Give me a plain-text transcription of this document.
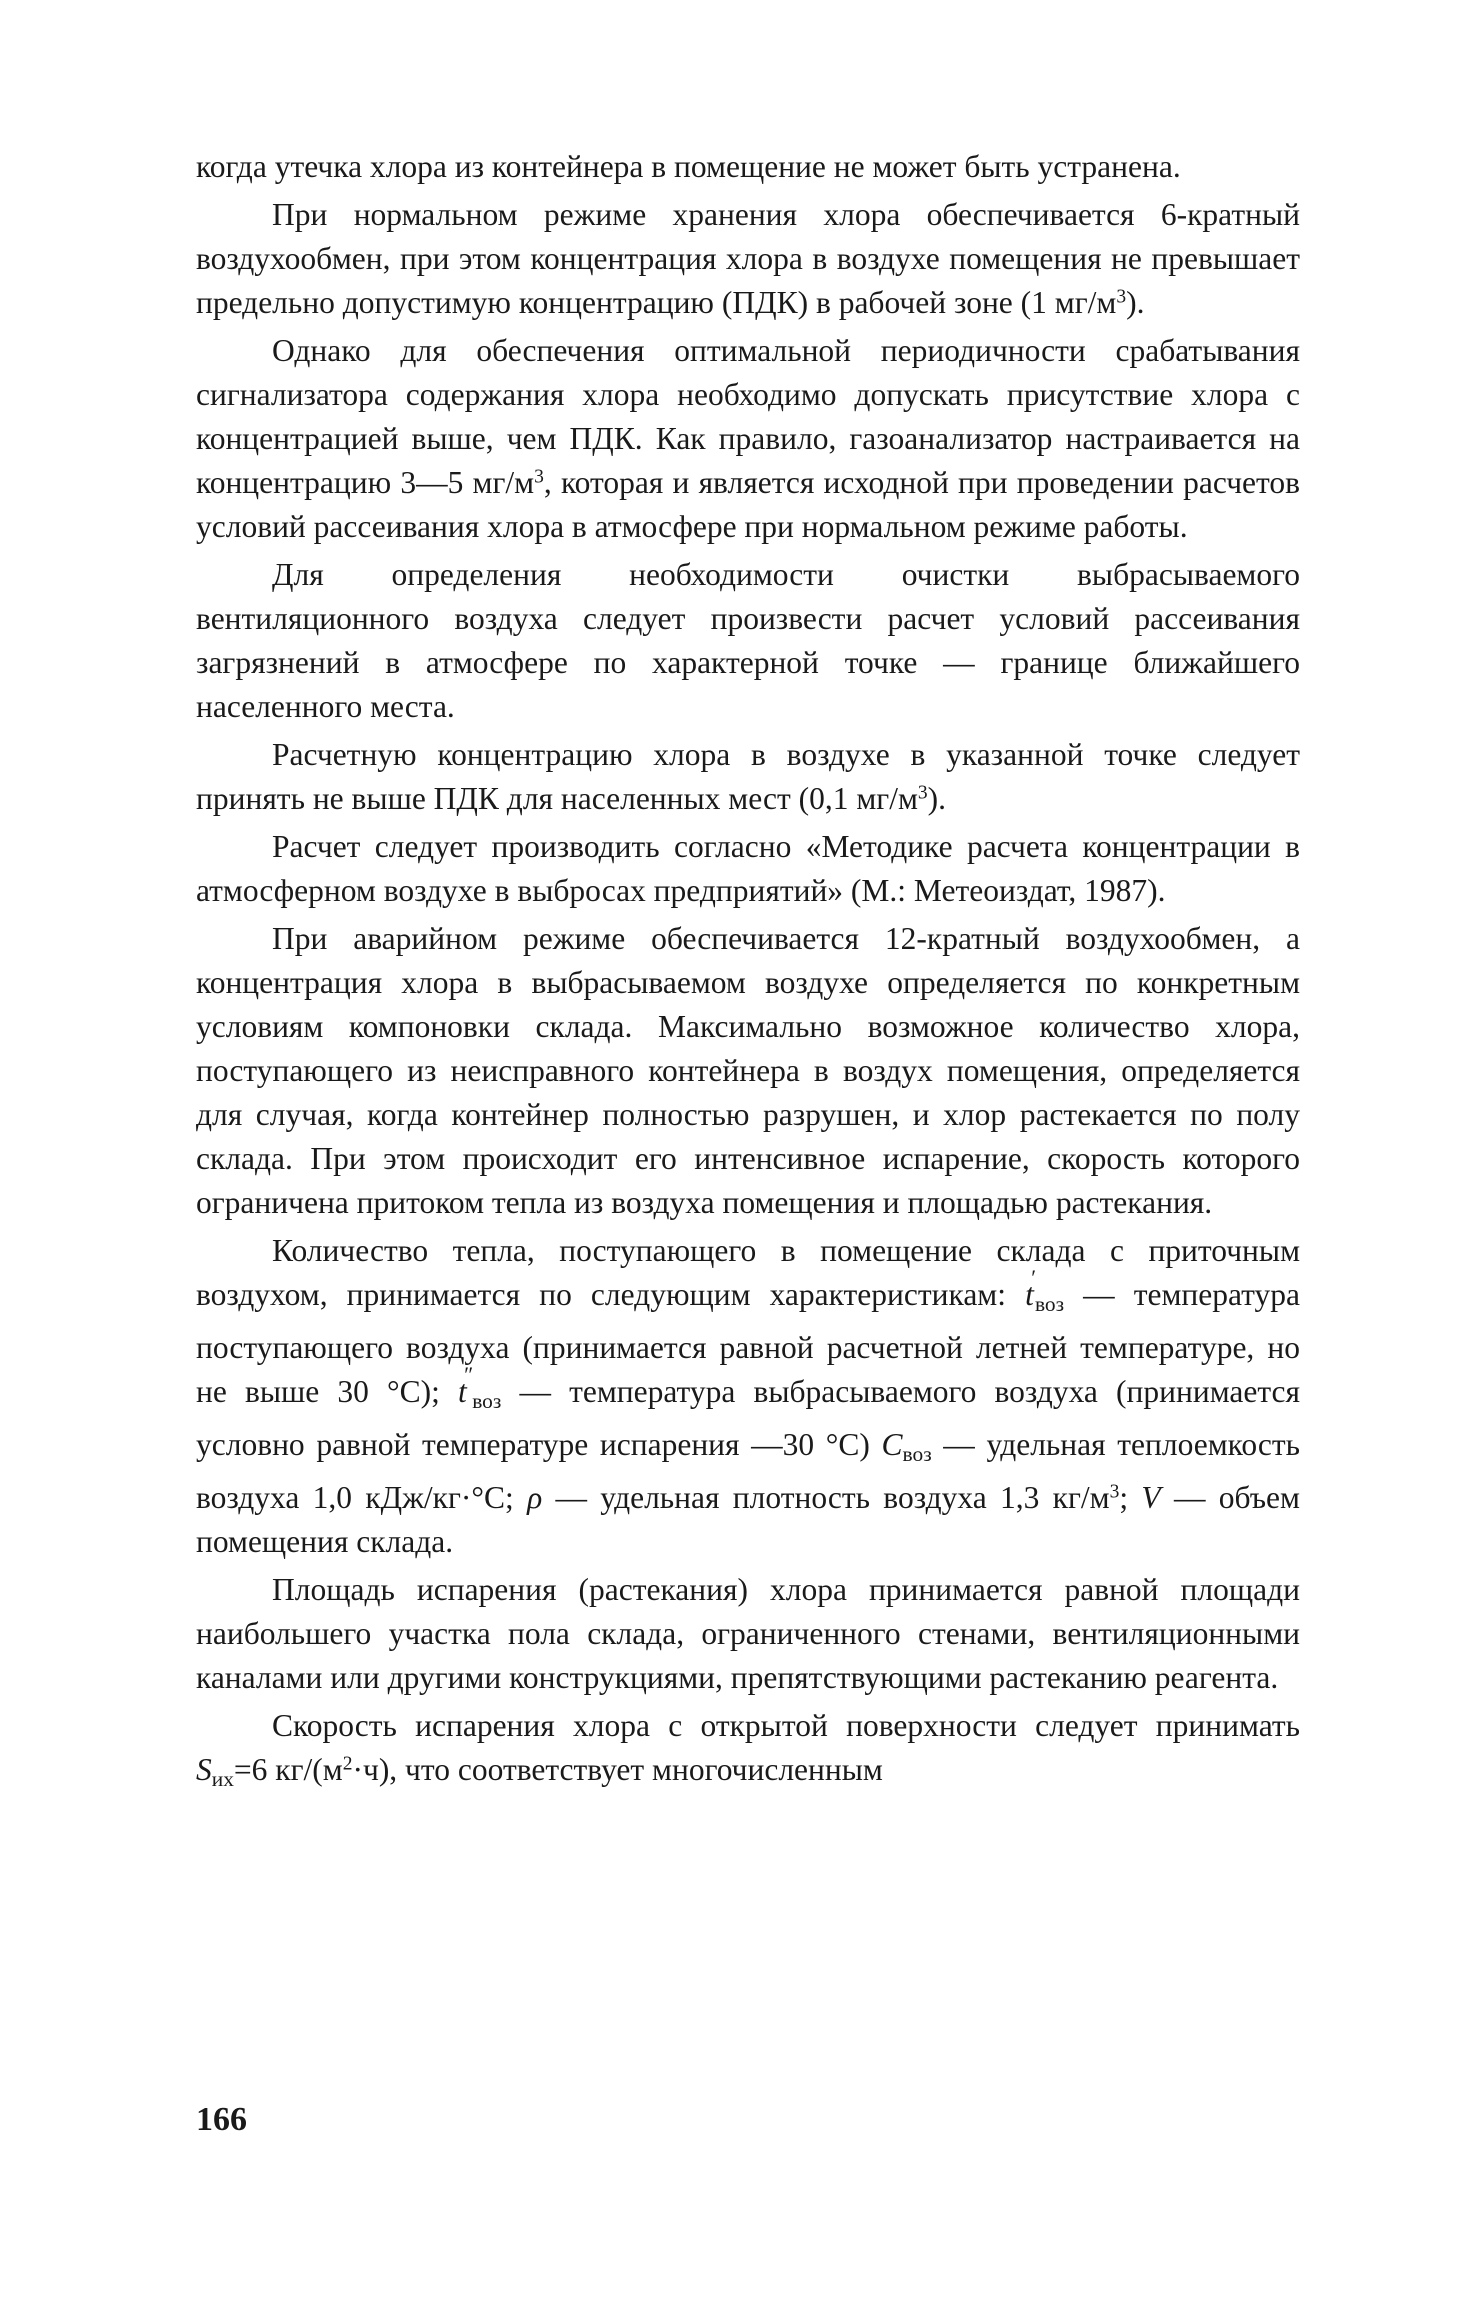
когда утечка хлора из контейнера в помещение не может быть устранена.

При нормальном режиме хранения хлора обеспечивается 6-кратный воздухообмен, при этом концентрация хлора в воздухе помещения не превышает предельно допустимую концентрацию (ПДК) в рабочей зоне (1 $мг/м^3$).

Однако для обеспечения оптимальной периодичности срабатывания сигнализатора содержания хлора необходимо допускать присутствие хлора с концентрацией выше, чем ПДК. Как правило, газоанализатор настраивается на концентрацию 3—5 $мг/м^3$, которая и является исходной при проведении расчетов условий рассеивания хлора в атмосфере при нормальном режиме работы.

Для определения необходимости очистки выбрасываемого вентиляционного воздуха следует произвести расчет условий рассеивания загрязнений в атмосфере по характерной точке — границе ближайшего населенного места.

Расчетную концентрацию хлора в воздухе в указанной точке следует принять не выше ПДК для населенных мест (0,1 $мг/м^3$).

Расчет следует производить согласно «Методике расчета концентрации в атмосферном воздухе в выбросах предприятий» (М.: Метеоиздат, 1987).

При аварийном режиме обеспечивается 12-кратный воздухообмен, а концентрация хлора в выбрасываемом воздухе определяется по конкретным условиям компоновки склада. Максимально возможное количество хлора, поступающего из неисправного контейнера в воздух помещения, определяется для случая, когда контейнер полностью разрушен, и хлор растекается по полу склада. При этом происходит его интенсивное испарение, скорость которого ограничена притоком тепла из воздуха помещения и площадью растекания.

Количество тепла, поступающего в помещение склада с приточным воздухом, принимается по следующим характеристикам: $t'_{воз}$ — температура поступающего воздуха (принимается равной расчетной летней температуре, но не выше 30 °С); $t''_{воз}$ — температура выбрасываемого воздуха (принимается условно равной температуре испарения —30 °С) $С_{воз}$ — удельная теплоемкость воздуха 1,0 кДж/кг·°С; ρ — удельная плотность воздуха 1,3 $кг/м^3$; V — объем помещения склада.

Площадь испарения (растекания) хлора принимается равной площади наибольшего участка пола склада, ограниченного стенами, вентиляционными каналами или другими конструкциями, препятствующими растеканию реагента.

Скорость испарения хлора с открытой поверхности следует принимать $S_{их}=6$ $кг/(м^2\cdot ч)$, что соответствует многочисленным

166
